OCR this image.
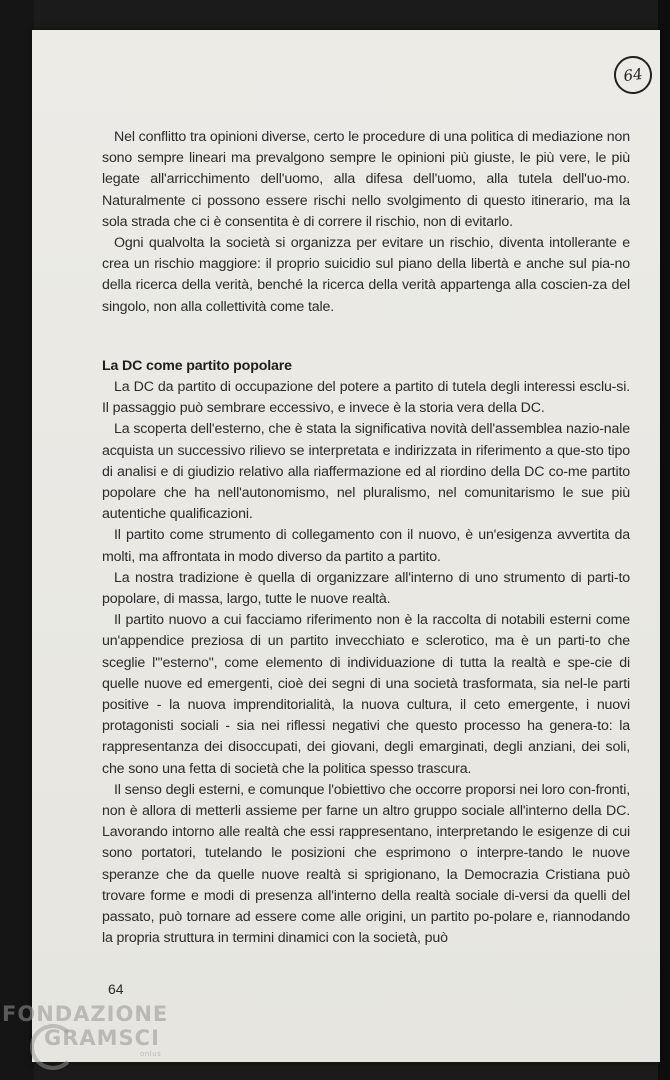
64

Nel conflitto tra opinioni diverse, certo le procedure di una politica di mediazione non sono sempre lineari ma prevalgono sempre le opinioni più giuste, le più vere, le più legate all'arricchimento dell'uomo, alla difesa dell'uomo, alla tutela dell'uo-mo. Naturalmente ci possono essere rischi nello svolgimento di questo itinerario, ma la sola strada che ci è consentita è di correre il rischio, non di evitarlo.

Ogni qualvolta la società si organizza per evitare un rischio, diventa intollerante e crea un rischio maggiore: il proprio suicidio sul piano della libertà e anche sul pia-no della ricerca della verità, benché la ricerca della verità appartenga alla coscien-za del singolo, non alla collettività come tale.

La DC come partito popolare

La DC da partito di occupazione del potere a partito di tutela degli interessi esclu-si. Il passaggio può sembrare eccessivo, e invece è la storia vera della DC.

La scoperta dell'esterno, che è stata la significativa novità dell'assemblea nazio-nale acquista un successivo rilievo se interpretata e indirizzata in riferimento a que-sto tipo di analisi e di giudizio relativo alla riaffermazione ed al riordino della DC co-me partito popolare che ha nell'autonomismo, nel pluralismo, nel comunitarismo le sue più autentiche qualificazioni.

Il partito come strumento di collegamento con il nuovo, è un'esigenza avvertita da molti, ma affrontata in modo diverso da partito a partito.

La nostra tradizione è quella di organizzare all'interno di uno strumento di parti-to popolare, di massa, largo, tutte le nuove realtà.

Il partito nuovo a cui facciamo riferimento non è la raccolta di notabili esterni come un'appendice preziosa di un partito invecchiato e sclerotico, ma è un parti-to che sceglie l'"esterno", come elemento di individuazione di tutta la realtà e spe-cie di quelle nuove ed emergenti, cioè dei segni di una società trasformata, sia nel-le parti positive - la nuova imprenditorialità, la nuova cultura, il ceto emergente, i nuovi protagonisti sociali - sia nei riflessi negativi che questo processo ha genera-to: la rappresentanza dei disoccupati, dei giovani, degli emarginati, degli anziani, dei soli, che sono una fetta di società che la politica spesso trascura.

Il senso degli esterni, e comunque l'obiettivo che occorre proporsi nei loro con-fronti, non è allora di metterli assieme per farne un altro gruppo sociale all'interno della DC. Lavorando intorno alle realtà che essi rappresentano, interpretando le esigenze di cui sono portatori, tutelando le posizioni che esprimono o interpre-tando le nuove speranze che da quelle nuove realtà si sprigionano, la Democrazia Cristiana può trovare forme e modi di presenza all'interno della realtà sociale di-versi da quelli del passato, può tornare ad essere come alle origini, un partito po-polare e, riannodando la propria struttura in termini dinamici con la società, può

64
FONDAZIONE
GRAMSCI
onlus
